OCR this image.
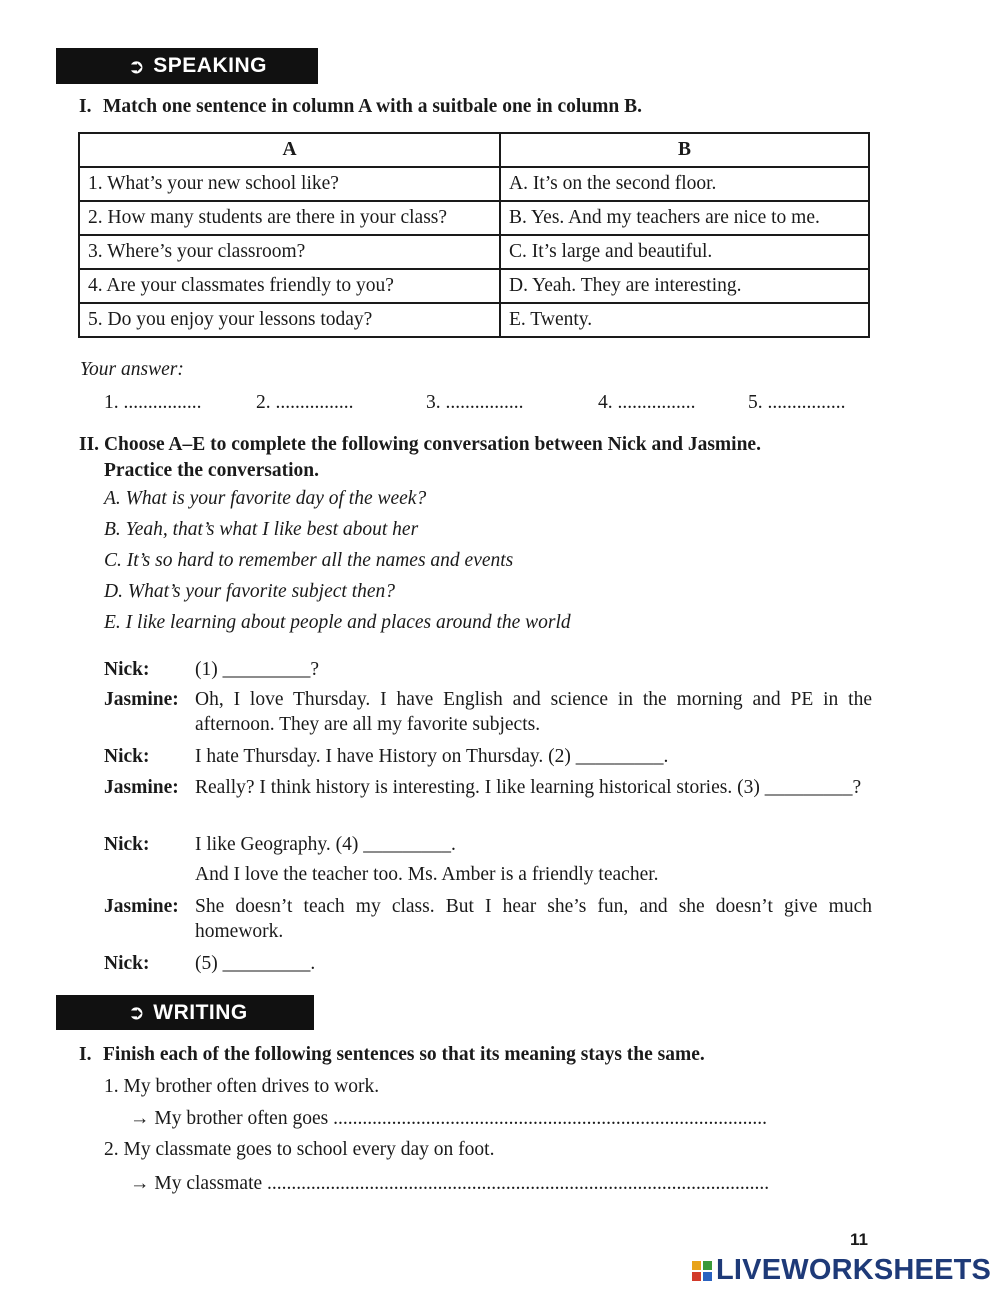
➲ SPEAKING
I. Match one sentence in column A with a suitbale one in column B.
A	B
1. What’s your new school like?	A. It’s on the second floor.
2. How many students are there in your class?	B. Yes. And my teachers are nice to me.
3. Where’s your classroom?	C. It’s large and beautiful.
4. Are your classmates friendly to you?	D. Yeah. They are interesting.
5. Do you enjoy your lessons today?	E. Twenty.
Your answer:
1. ................	2. ................	3. ................	4. ................	5. ................
II. Choose A–E to complete the following conversation between Nick and Jasmine.
Practice the conversation.
A. What is your favorite day of the week?
B. Yeah, that’s what I like best about her
C. It’s so hard to remember all the names and events
D. What’s your favorite subject then?
E. I like learning about people and places around the world
Nick: (1) _________?
Jasmine: Oh, I love Thursday. I have English and science in the morning and PE in the afternoon. They are all my favorite subjects.
Nick: I hate Thursday. I have History on Thursday. (2) _________.
Jasmine: Really? I think history is interesting. I like learning historical stories. (3) _________?
Nick: I like Geography. (4) _________.
And I love the teacher too. Ms. Amber is a friendly teacher.
Jasmine: She doesn’t teach my class. But I hear she’s fun, and she doesn’t give much homework.
Nick: (5) _________.
➲ WRITING
I. Finish each of the following sentences so that its meaning stays the same.
1. My brother often drives to work.
→ My brother often goes .........................................................................................
2. My classmate goes to school every day on foot.
→ My classmate .......................................................................................................
11
LIVEWORKSHEETS
